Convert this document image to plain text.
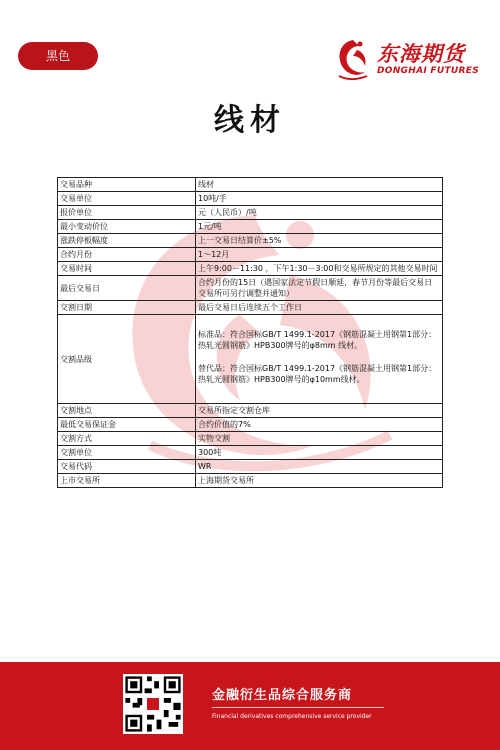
黑色	东海期货
DONGHAI FUTURES
线材
交易品种	线材

交易单位	10吨/手

报价单位	元（人民币）/吨

最小变动价位	1元/吨

涨跌停板幅度	上一交易日结算价±5%

合约月份	1～12月

交易时间	上午9:00－11:30 ，下午1:30－3:00和交易所规定的其他交易时间

最后交易日	合约月份的15日（遇国家法定节假日顺延，春节月份等最后交易日交易所可另行调整并通知）

交割日期	最后交易日后连续五个工作日

交割品级	标准品：符合国标GB/T 1499.1-2017《钢筋混凝土用钢第1部分：热轧光圆钢筋》HPB300牌号的φ8mm 线材。
替代品：符合国标GB/T 1499.1-2017《钢筋混凝土用钢第1部分：热轧光圆钢筋》HPB300牌号的φ10mm线材。

交割地点	交易所指定交割仓库

最低交易保证金	合约价值的7%

交割方式	实物交割

交割单位	300吨

交易代码	WR

上市交易所	上海期货交易所
金融衍生品综合服务商
Financial derivatives comprehensive service provider
